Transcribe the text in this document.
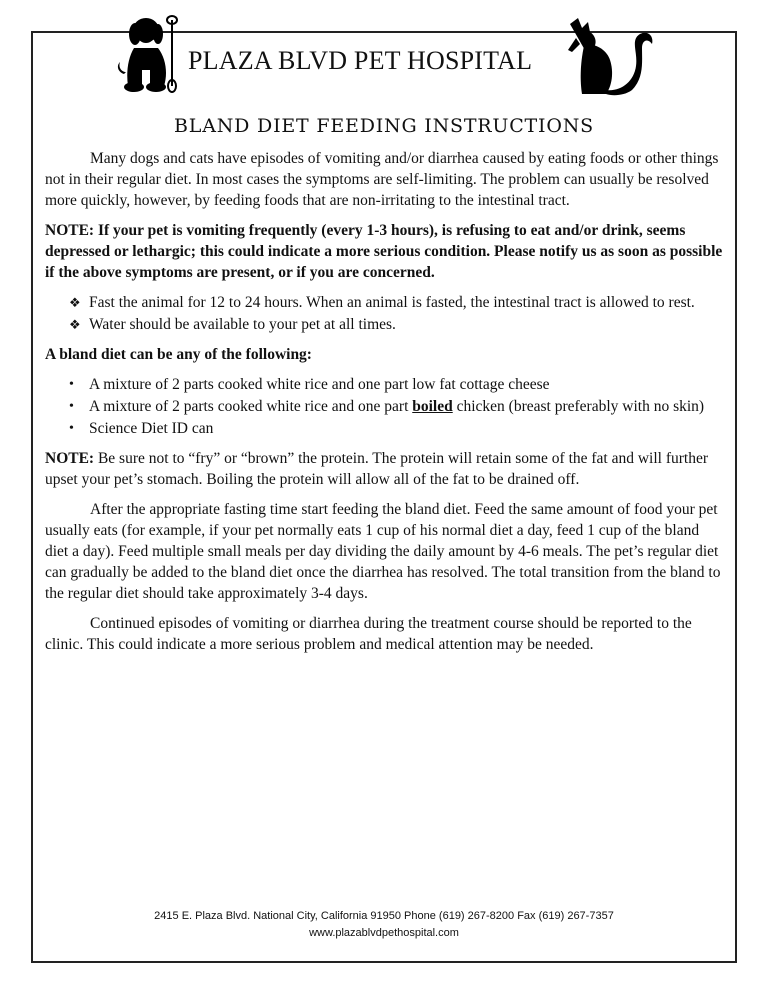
PLAZA BLVD PET HOSPITAL
BLAND DIET FEEDING INSTRUCTIONS

Many dogs and cats have episodes of vomiting and/or diarrhea caused by eating foods or other things not in their regular diet. In most cases the symptoms are self-limiting. The problem can usually be resolved more quickly, however, by feeding foods that are non-irritating to the intestinal tract.

NOTE: If your pet is vomiting frequently (every 1-3 hours), is refusing to eat and/or drink, seems depressed or lethargic; this could indicate a more serious condition. Please notify us as soon as possible if the above symptoms are present, or if you are concerned.

❖ Fast the animal for 12 to 24 hours. When an animal is fasted, the intestinal tract is allowed to rest.
❖ Water should be available to your pet at all times.

A bland diet can be any of the following:

• A mixture of 2 parts cooked white rice and one part low fat cottage cheese
• A mixture of 2 parts cooked white rice and one part boiled chicken (breast preferably with no skin)
• Science Diet ID can

NOTE: Be sure not to “fry” or “brown” the protein. The protein will retain some of the fat and will further upset your pet’s stomach. Boiling the protein will allow all of the fat to be drained off.

After the appropriate fasting time start feeding the bland diet. Feed the same amount of food your pet usually eats (for example, if your pet normally eats 1 cup of his normal diet a day, feed 1 cup of the bland diet a day). Feed multiple small meals per day dividing the daily amount by 4-6 meals. The pet’s regular diet can gradually be added to the bland diet once the diarrhea has resolved. The total transition from the bland to the regular diet should take approximately 3-4 days.

Continued episodes of vomiting or diarrhea during the treatment course should be reported to the clinic. This could indicate a more serious problem and medical attention may be needed.

2415 E. Plaza Blvd. National City, California 91950 Phone (619) 267-8200 Fax (619) 267-7357
www.plazablvdpethospital.com
